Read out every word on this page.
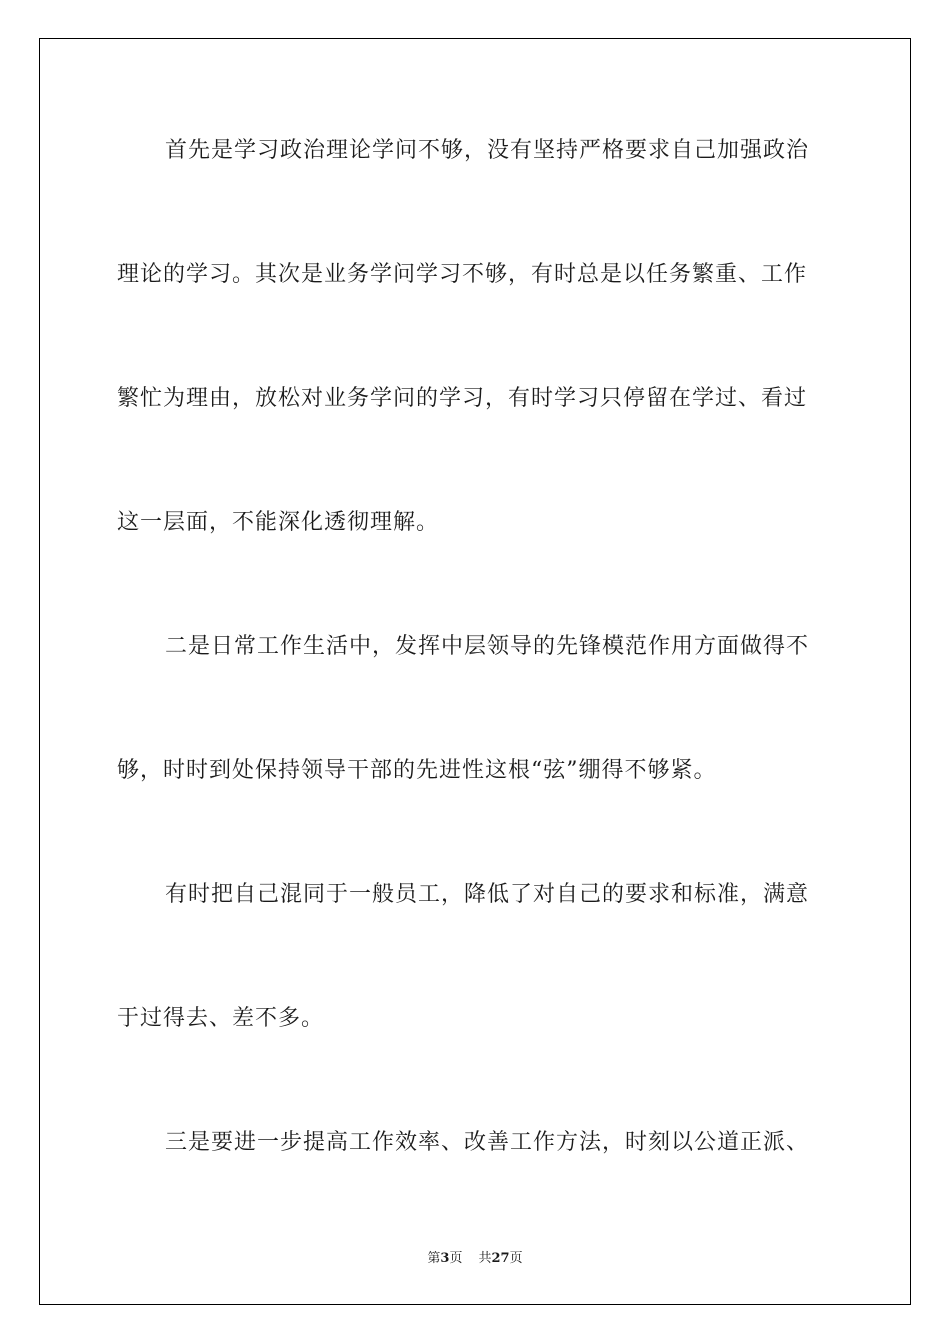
首先是学习政治理论学问不够，没有坚持严格要求自己加强政治
理论的学习。其次是业务学问学习不够，有时总是以任务繁重、工作
繁忙为理由，放松对业务学问的学习，有时学习只停留在学过、看过
这一层面，不能深化透彻理解。
二是日常工作生活中，发挥中层领导的先锋模范作用方面做得不
够，时时到处保持领导干部的先进性这根“弦”绷得不够紧。
有时把自己混同于一般员工，降低了对自己的要求和标准，满意
于过得去、差不多。
三是要进一步提高工作效率、改善工作方法，时刻以公道正派、
第3页 共27页
